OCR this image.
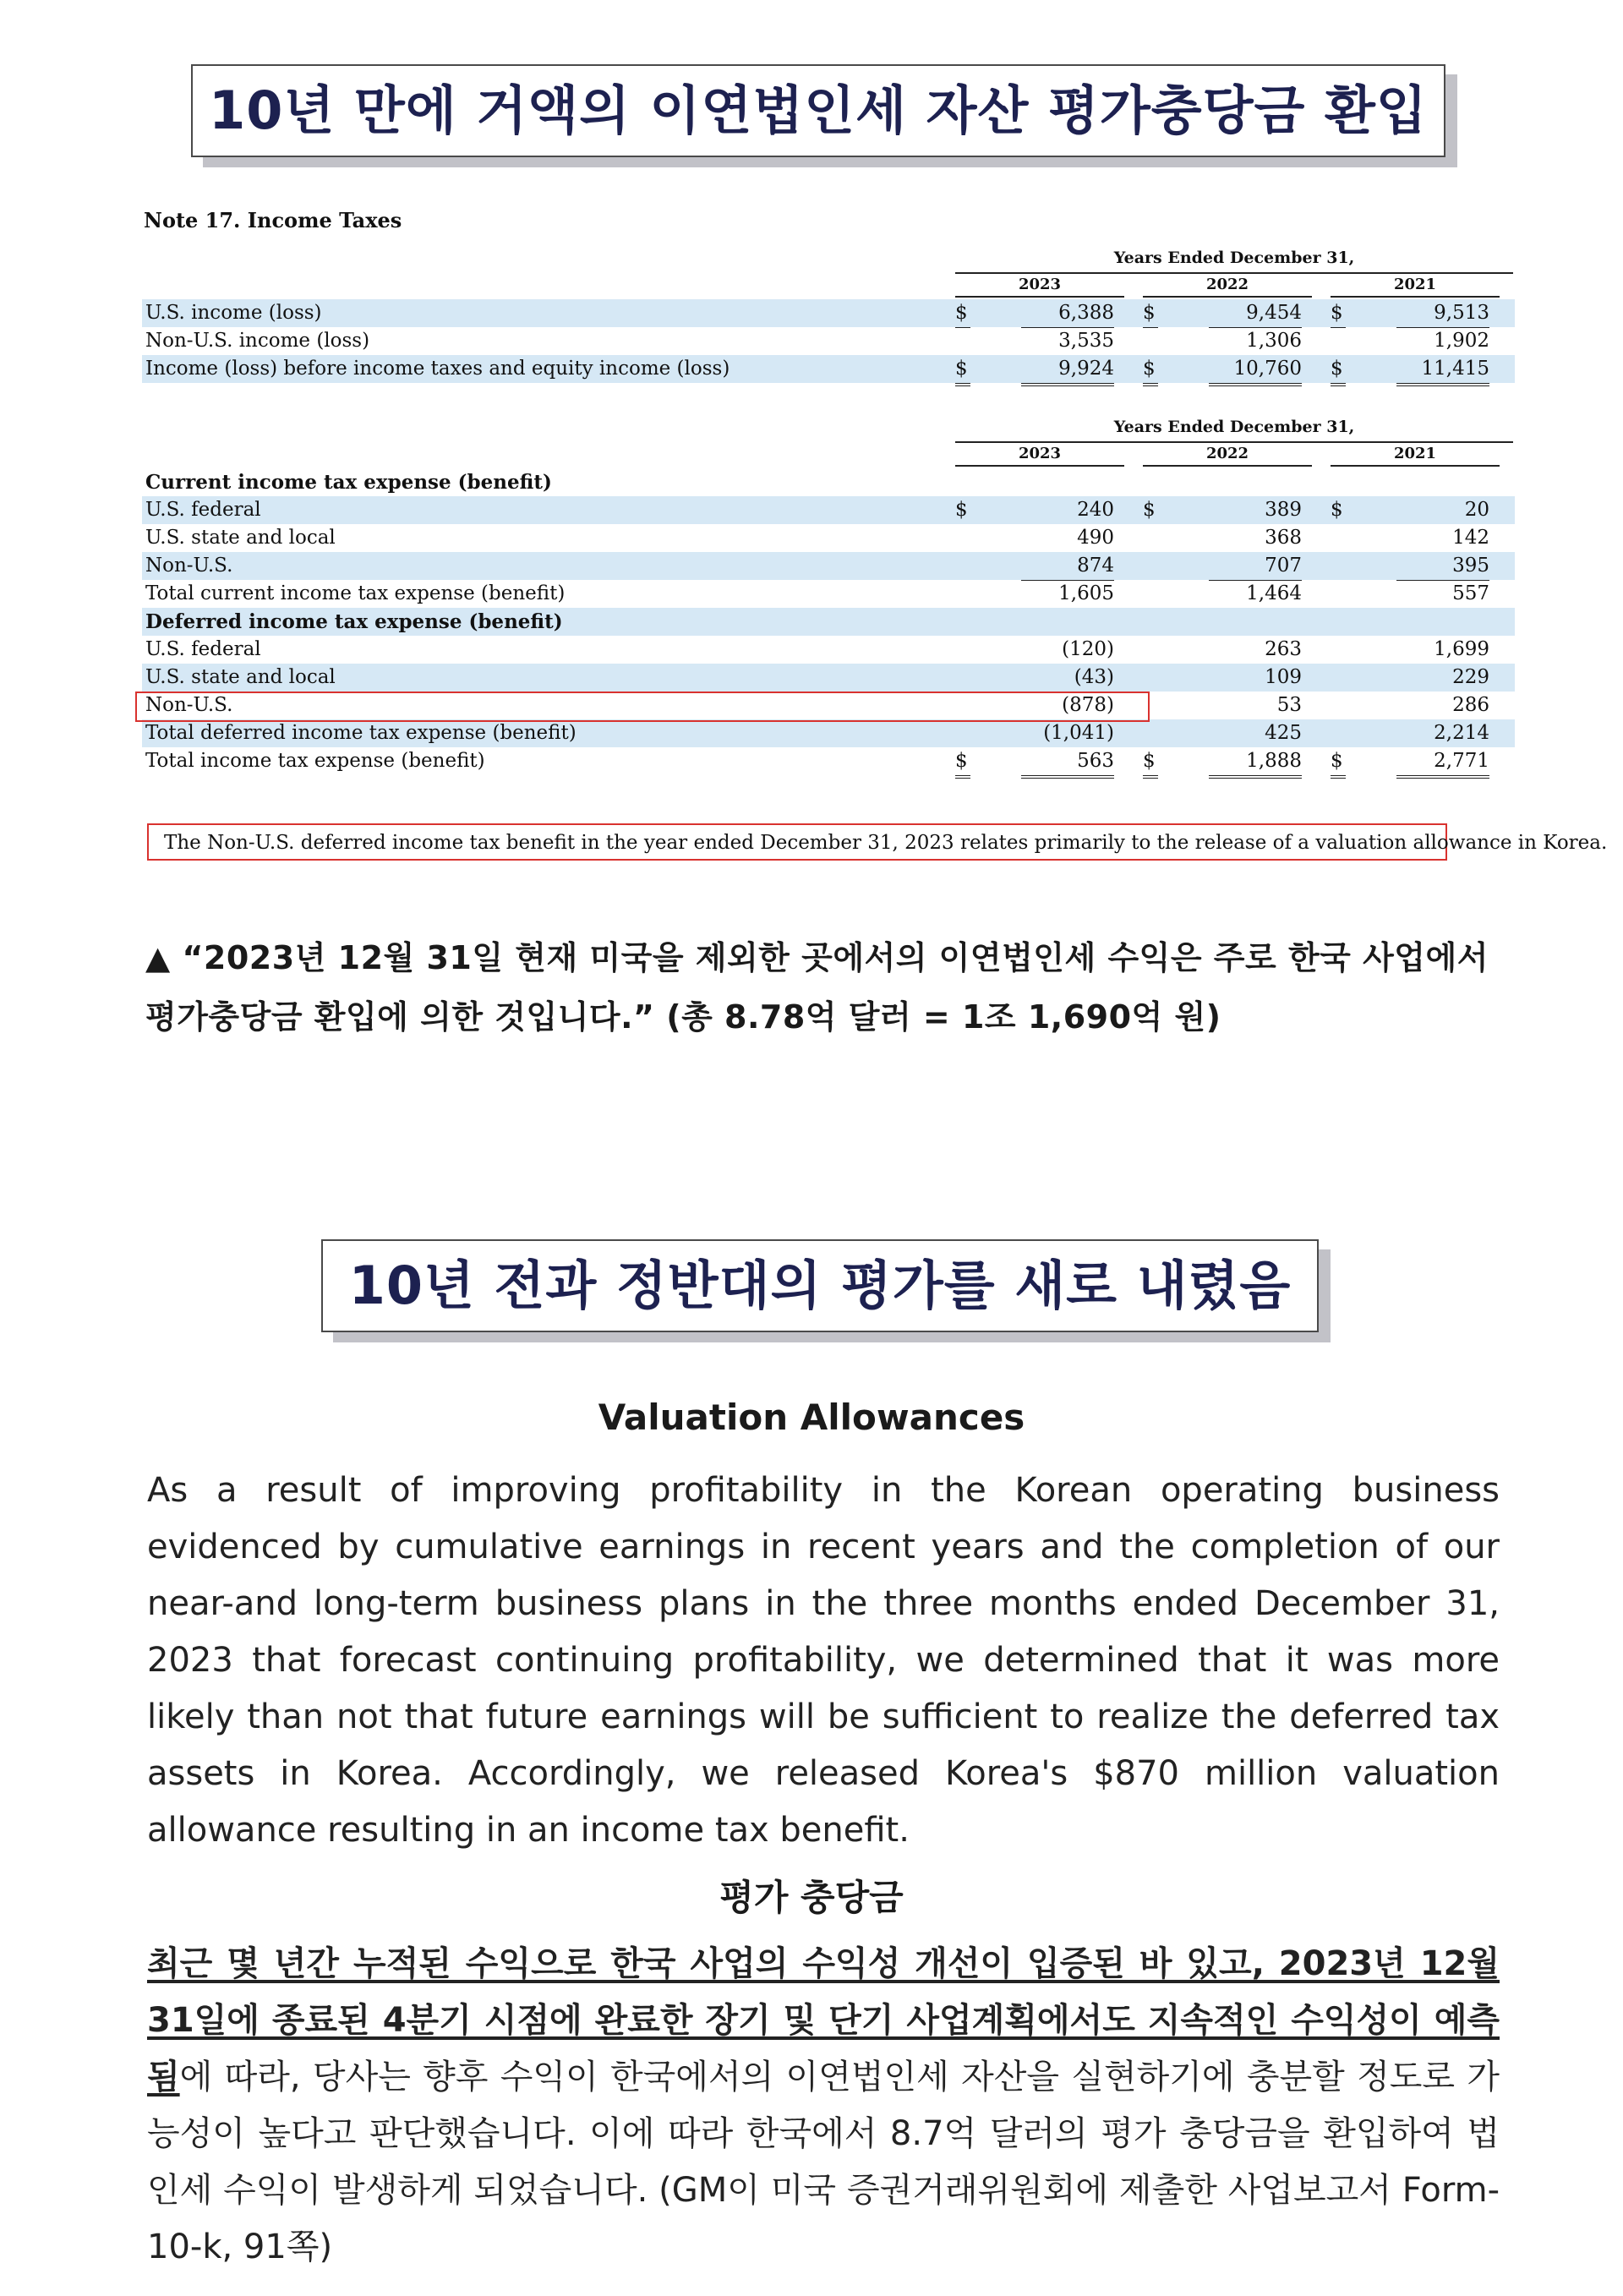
10년 만에 거액의 이연법인세 자산 평가충당금 환입
Note 17. Income Taxes
Years Ended December 31,
2023	2022	2021
U.S. income (loss)	$	6,388 $	9,454 $	9,513
Non-U.S. income (loss)	3,535	1,306	1,902
Income (loss) before income taxes and equity income (loss)	$	9,924 $	10,760 $	11,415
Years Ended December 31,
2023	2022	2021
Current income tax expense (benefit)
U.S. federal	$	240 $	389 $	20
U.S. state and local	490	368	142
Non-U.S.	874	707	395
Total current income tax expense (benefit)	1,605	1,464	557
Deferred income tax expense (benefit)
U.S. federal	(120)	263	1,699
U.S. state and local	(43)	109	229
Non-U.S.	(878)	53	286
Total deferred income tax expense (benefit)	(1,041)	425	2,214
Total income tax expense (benefit)	$	563 $	1,888 $	2,771
The Non-U.S. deferred income tax benefit in the year ended December 31, 2023 relates primarily to the release of a valuation allowance in Korea.
▲ “2023년 12월 31일 현재 미국을 제외한 곳에서의 이연법인세 수익은 주로 한국 사업에서
평가충당금 환입에 의한 것입니다.” (총 8.78억 달러 = 1조 1,690억 원)
10년 전과 정반대의 평가를 새로 내렸음
Valuation Allowances
As a result of improving profitability in the Korean operating business evidenced by cumulative earnings in recent years and the completion of our near-and long-term business plans in the three months ended December 31, 2023 that forecast continuing profitability, we determined that it was more likely than not that future earnings will be sufficient to realize the deferred tax assets in Korea. Accordingly, we released Korea's $870 million valuation allowance resulting in an income tax benefit.
평가 충당금
최근 몇 년간 누적된 수익으로 한국 사업의 수익성 개선이 입증된 바 있고, 2023년 12월 31일에 종료된 4분기 시점에 완료한 장기 및 단기 사업계획에서도 지속적인 수익성이 예측됨에 따라, 당사는 향후 수익이 한국에서의 이연법인세 자산을 실현하기에 충분할 정도로 가능성이 높다고 판단했습니다. 이에 따라 한국에서 8.7억 달러의 평가 충당금을 환입하여 법인세 수익이 발생하게 되었습니다. (GM이 미국 증권거래위원회에 제출한 사업보고서 Form-10-k, 91쪽)
